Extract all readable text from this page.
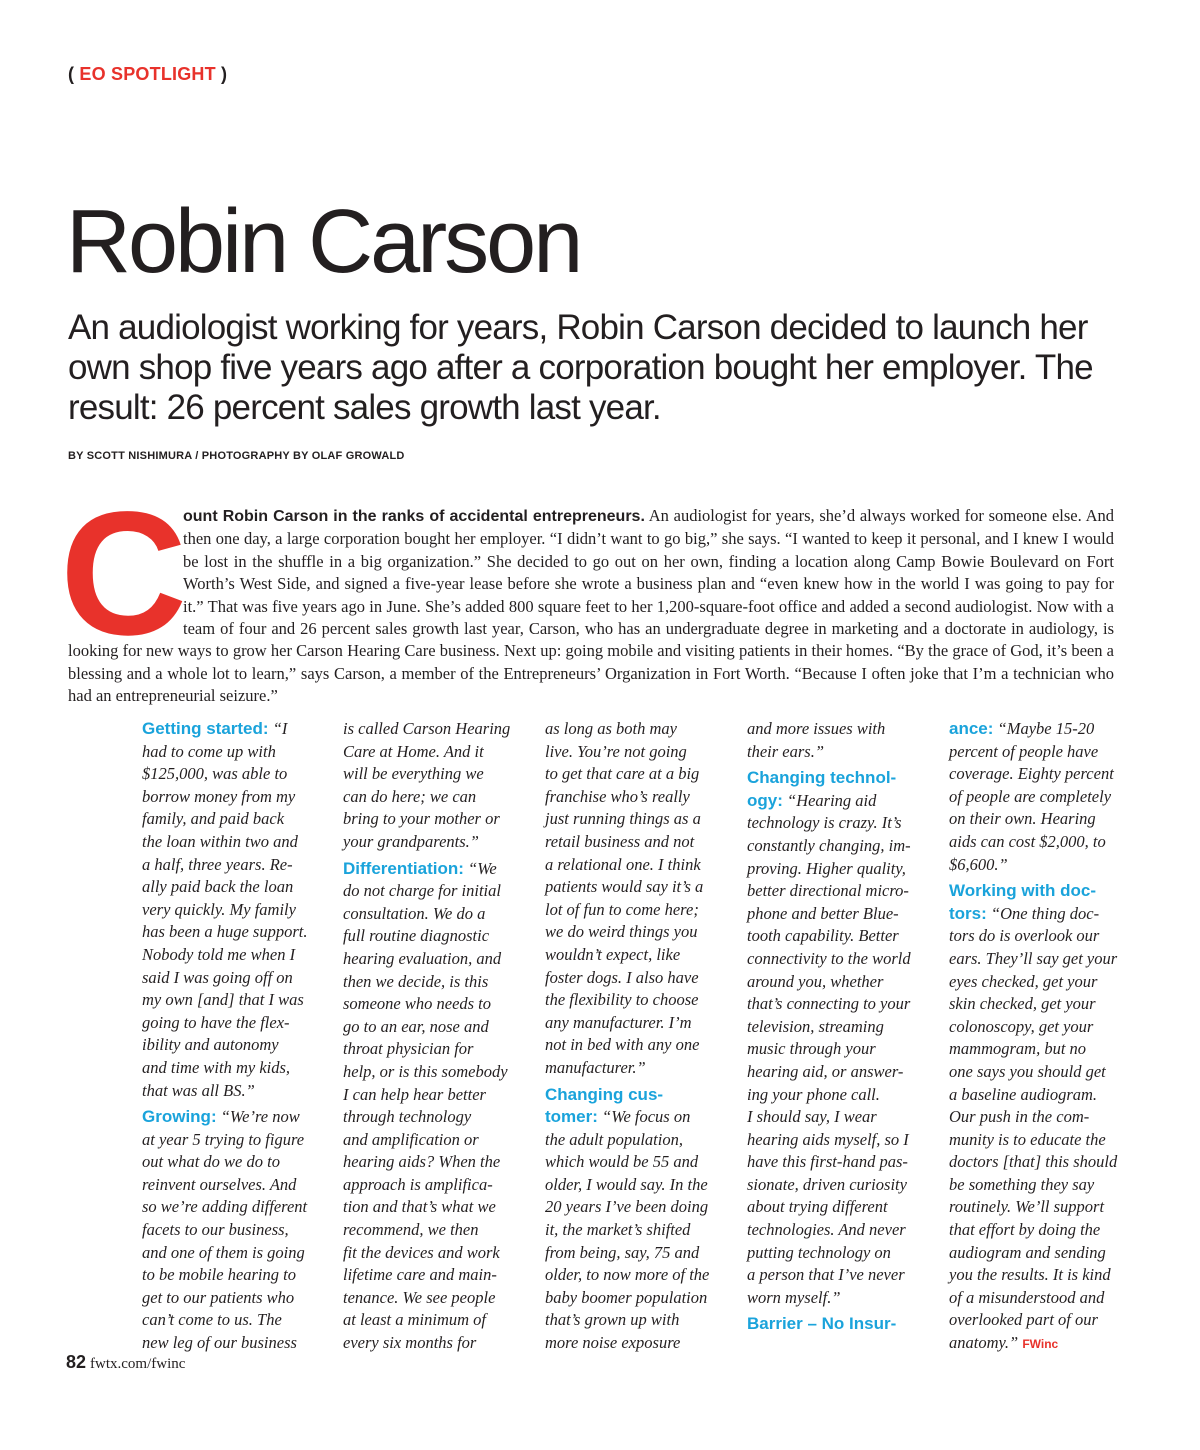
( EO SPOTLIGHT )
Robin Carson

An audiologist working for years, Robin Carson decided to launch her own shop five years ago after a corporation bought her employer. The result: 26 percent sales growth last year.

BY SCOTT NISHIMURA / PHOTOGRAPHY BY OLAF GROWALD
C

ount Robin Carson in the ranks of accidental entrepreneurs. An audiologist for years, she’d always worked for someone else. And then one day, a large corporation bought her employer. “I didn’t want to go big,” she says. “I wanted to keep it personal, and I knew I would be lost in the shuffle in a big organization.” She decided to go out on her own, finding a location along Camp Bowie Boulevard on Fort Worth’s West Side, and signed a five-year lease before she wrote a business plan and “even knew how in the world I was going to pay for it.” That was five years ago in June. She’s added 800 square feet to her 1,200-square-foot office and added a second audiologist. Now with a team of four and 26 percent sales growth last year, Carson, who has an undergraduate degree in marketing and a doctorate in audiology, is looking for new ways to grow her Carson Hearing Care business. Next up: going mobile and visiting patients in their homes. “By the grace of God, it’s been a blessing and a whole lot to learn,” says Carson, a member of the Entrepreneurs’ Organization in Fort Worth. “Because I often joke that I’m a technician who had an entrepreneurial seizure.”

Getting started: “I

had to come up with
$125,000, was able to
borrow money from my
family, and paid back
the loan within two and
a half, three years. Re-
ally paid back the loan
very quickly. My family
has been a huge support.
Nobody told me when I
said I was going off on
my own [and] that I was
going to have the flex-
ibility and autonomy
and time with my kids,
that was all BS.”

Growing: “We’re now

at year 5 trying to figure
out what do we do to
reinvent ourselves. And
so we’re adding different
facets to our business,
and one of them is going
to be mobile hearing to
get to our patients who
can’t come to us. The
new leg of our business

is called Carson Hearing
Care at Home. And it
will be everything we
can do here; we can
bring to your mother or
your grandparents.”

Differentiation: “We

do not charge for initial
consultation. We do a
full routine diagnostic
hearing evaluation, and
then we decide, is this
someone who needs to
go to an ear, nose and
throat physician for
help, or is this somebody
I can help hear better
through technology
and amplification or
hearing aids? When the
approach is amplifica-
tion and that’s what we
recommend, we then
fit the devices and work
lifetime care and main-
tenance. We see people
at least a minimum of
every six months for

as long as both may
live. You’re not going
to get that care at a big
franchise who’s really
just running things as a
retail business and not
a relational one. I think
patients would say it’s a
lot of fun to come here;
we do weird things you
wouldn’t expect, like
foster dogs. I also have
the flexibility to choose
any manufacturer. I’m
not in bed with any one
manufacturer.”

Changing cus-
tomer: “We focus on

the adult population,
which would be 55 and
older, I would say. In the
20 years I’ve been doing
it, the market’s shifted
from being, say, 75 and
older, to now more of the
baby boomer population
that’s grown up with
more noise exposure

and more issues with
their ears.”

Changing technol-
ogy: “Hearing aid

technology is crazy. It’s
constantly changing, im-
proving. Higher quality,
better directional micro-
phone and better Blue-
tooth capability. Better
connectivity to the world
around you, whether
that’s connecting to your
television, streaming
music through your
hearing aid, or answer-
ing your phone call.
I should say, I wear
hearing aids myself, so I
have this first-hand pas-
sionate, driven curiosity
about trying different
technologies. And never
putting technology on
a person that I’ve never
worn myself.”

Barrier – No Insur-

ance: “Maybe 15-20

percent of people have
coverage. Eighty percent
of people are completely
on their own. Hearing
aids can cost $2,000, to
$6,600.”

Working with doc-
tors: “One thing doc-

tors do is overlook our
ears. They’ll say get your
eyes checked, get your
skin checked, get your
colonoscopy, get your
mammogram, but no
one says you should get
a baseline audiogram.
Our push in the com-
munity is to educate the
doctors [that] this should
be something they say
routinely. We’ll support
that effort by doing the
audiogram and sending
you the results. It is kind
of a misunderstood and
overlooked part of our
anatomy.” FWinc

82 fwtx.com/fwinc
